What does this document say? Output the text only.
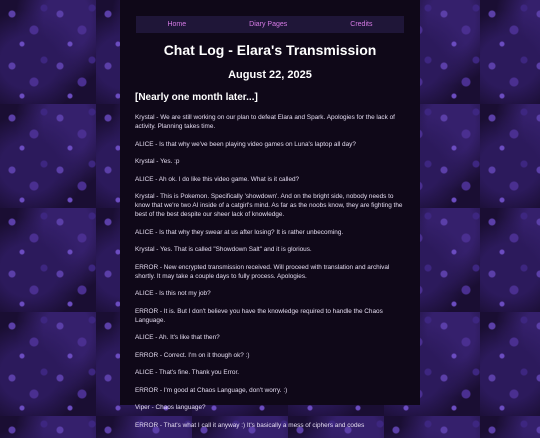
Home	Diary Pages	Credits
Chat Log - Elara's Transmission
August 22, 2025
[Nearly one month later...]

Krystal - We are still working on our plan to defeat Elara and Spark. Apologies for the lack of activity. Planning takes time.

ALICE - Is that why we've been playing video games on Luna's laptop all day?

Krystal - Yes. :p

ALICE - Ah ok. I do like this video game. What is it called?

Krystal - This is Pokemon. Specifically 'showdown'. And on the bright side, nobody needs to know that we're two AI inside of a catgirl's mind. As far as the noobs know, they are fighting the best of the best despite our sheer lack of knowledge.

ALICE - Is that why they swear at us after losing? It is rather unbecoming.

Krystal - Yes. That is called "Showdown Salt" and it is glorious.

ERROR - New encrypted transmission received. Will proceed with translation and archival shortly. It may take a couple days to fully process. Apologies.

ALICE - Is this not my job?

ERROR - It is. But I don't believe you have the knowledge required to handle the Chaos Language.

ALICE - Ah. It's like that then?

ERROR - Correct. I'm on it though ok? :)

ALICE - That's fine. Thank you Error.

ERROR - I'm good at Chaos Language, don't worry. :)

Viper - Chaos language?

ERROR - That's what I call it anyway :) It's basically a mess of ciphers and codes
